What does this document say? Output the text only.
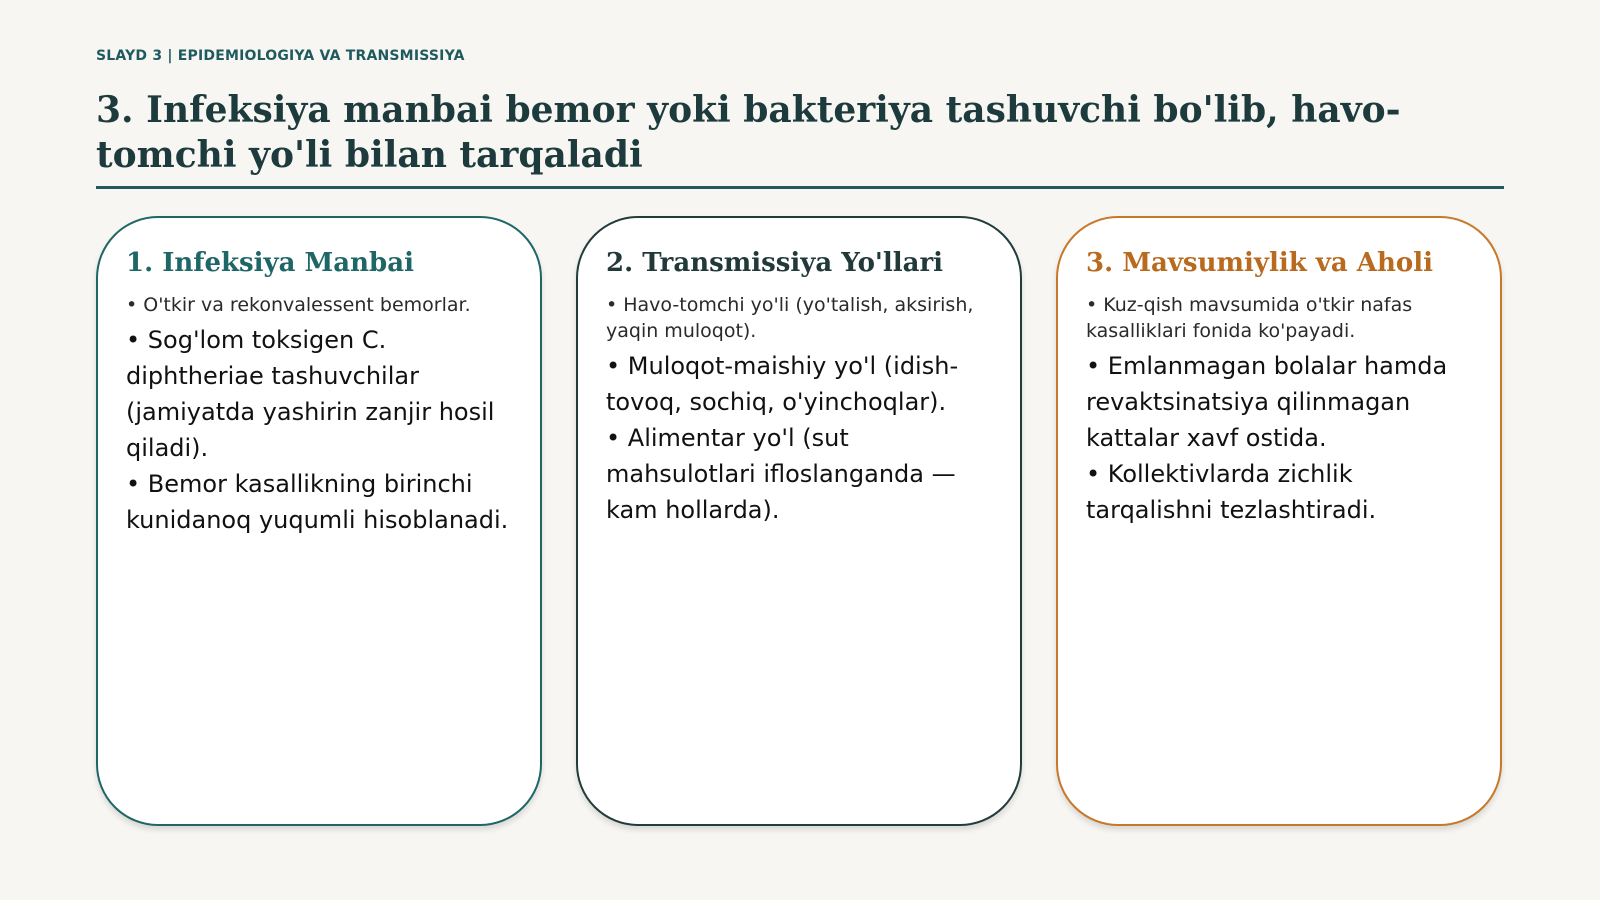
SLAYD 3 | EPIDEMIOLOGIYA VA TRANSMISSIYA
3. Infeksiya manbai bemor yoki bakteriya tashuvchi bo'lib, havo-tomchi yo'li bilan tarqaladi
1. Infeksiya Manbai

• O'tkir va rekonvalessent bemorlar.

• Sog'lom toksigen C. diphtheriae tashuvchilar (jamiyatda yashirin zanjir hosil qiladi).

• Bemor kasallikning birinchi kunidanoq yuqumli hisoblanadi.

2. Transmissiya Yo'llari

• Havo-tomchi yo'li (yo'talish, aksirish, yaqin muloqot).

• Muloqot-maishiy yo'l (idish-tovoq, sochiq, o'yinchoqlar).

• Alimentar yo'l (sut mahsulotlari ifloslanganda — kam hollarda).

3. Mavsumiylik va Aholi

• Kuz-qish mavsumida o'tkir nafas kasalliklari fonida ko'payadi.

• Emlanmagan bolalar hamda revaktsinatsiya qilinmagan kattalar xavf ostida.

• Kollektivlarda zichlik tarqalishni tezlashtiradi.
